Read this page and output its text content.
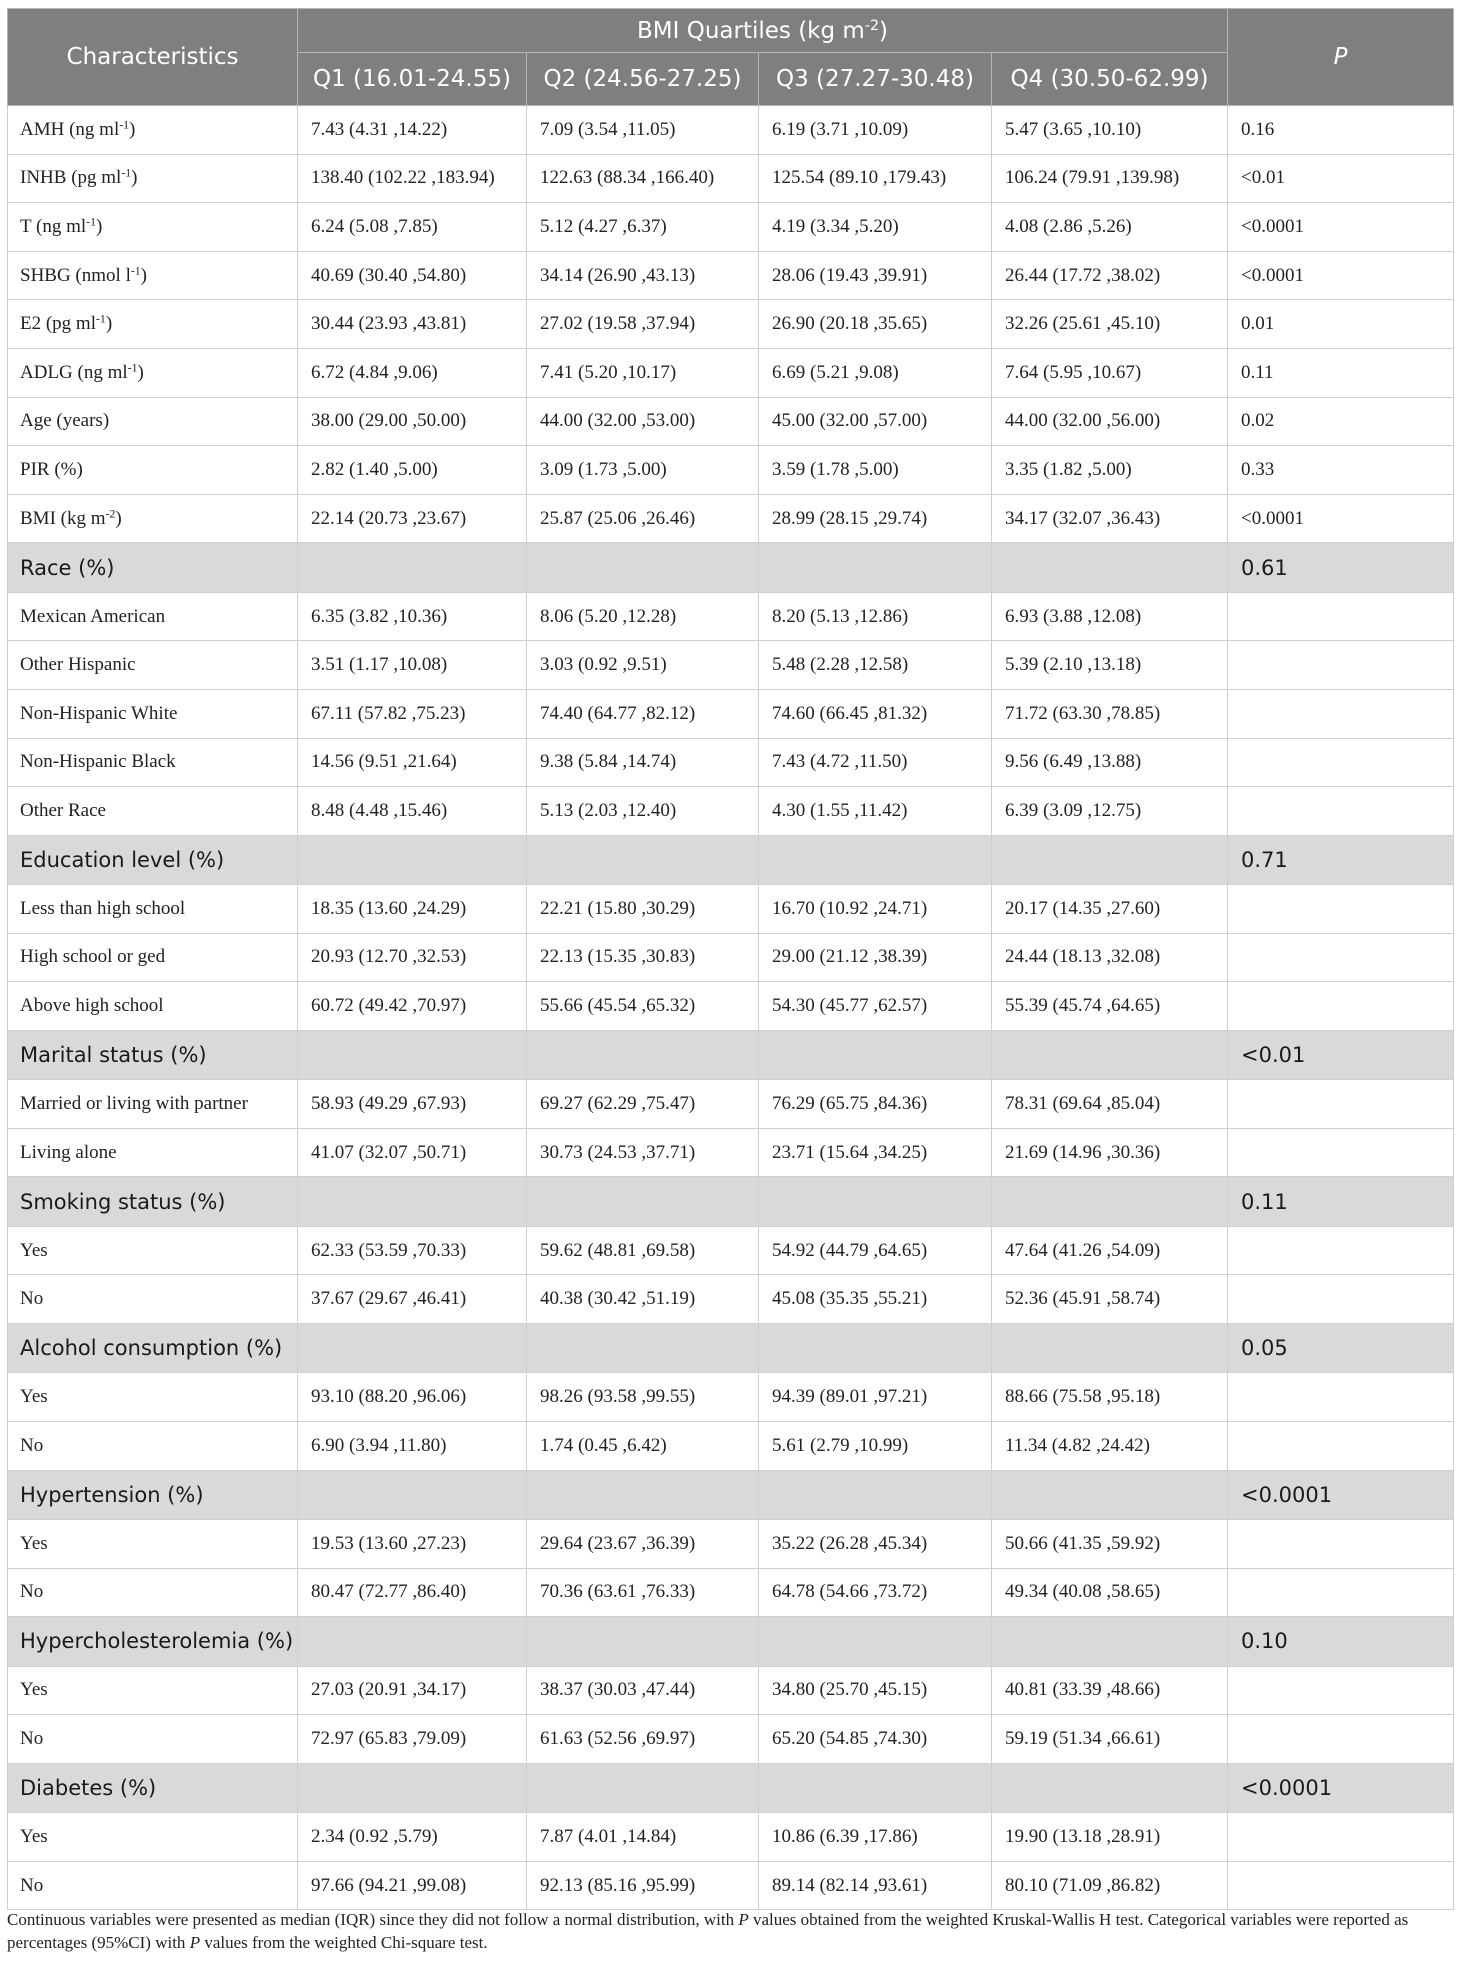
Characteristics	BMI Quartiles (kg $m^{-2}$)				P
	Q1 (16.01-24.55)	Q2 (24.56-27.25)	Q3 (27.27-30.48)	Q4 (30.50-62.99)	
AMH (ng $ml^{-1}$)	7.43 (4.31 ,14.22)	7.09 (3.54 ,11.05)	6.19 (3.71 ,10.09)	5.47 (3.65 ,10.10)	0.16
INHB (pg $ml^{-1}$)	138.40 (102.22 ,183.94)	122.63 (88.34 ,166.40)	125.54 (89.10 ,179.43)	106.24 (79.91 ,139.98)	<0.01
T (ng $ml^{-1}$)	6.24 (5.08 ,7.85)	5.12 (4.27 ,6.37)	4.19 (3.34 ,5.20)	4.08 (2.86 ,5.26)	<0.0001
SHBG (nmol $l^{-1}$)	40.69 (30.40 ,54.80)	34.14 (26.90 ,43.13)	28.06 (19.43 ,39.91)	26.44 (17.72 ,38.02)	<0.0001
E2 (pg $ml^{-1}$)	30.44 (23.93 ,43.81)	27.02 (19.58 ,37.94)	26.90 (20.18 ,35.65)	32.26 (25.61 ,45.10)	0.01
ADLG (ng $ml^{-1}$)	6.72 (4.84 ,9.06)	7.41 (5.20 ,10.17)	6.69 (5.21 ,9.08)	7.64 (5.95 ,10.67)	0.11
Age (years)	38.00 (29.00 ,50.00)	44.00 (32.00 ,53.00)	45.00 (32.00 ,57.00)	44.00 (32.00 ,56.00)	0.02
PIR (%)	2.82 (1.40 ,5.00)	3.09 (1.73 ,5.00)	3.59 (1.78 ,5.00)	3.35 (1.82 ,5.00)	0.33
BMI (kg $m^{-2}$)	22.14 (20.73 ,23.67)	25.87 (25.06 ,26.46)	28.99 (28.15 ,29.74)	34.17 (32.07 ,36.43)	<0.0001
Race (%)					0.61
Mexican American	6.35 (3.82 ,10.36)	8.06 (5.20 ,12.28)	8.20 (5.13 ,12.86)	6.93 (3.88 ,12.08)	
Other Hispanic	3.51 (1.17 ,10.08)	3.03 (0.92 ,9.51)	5.48 (2.28 ,12.58)	5.39 (2.10 ,13.18)	
Non-Hispanic White	67.11 (57.82 ,75.23)	74.40 (64.77 ,82.12)	74.60 (66.45 ,81.32)	71.72 (63.30 ,78.85)	
Non-Hispanic Black	14.56 (9.51 ,21.64)	9.38 (5.84 ,14.74)	7.43 (4.72 ,11.50)	9.56 (6.49 ,13.88)	
Other Race	8.48 (4.48 ,15.46)	5.13 (2.03 ,12.40)	4.30 (1.55 ,11.42)	6.39 (3.09 ,12.75)	
Education level (%)					0.71
Less than high school	18.35 (13.60 ,24.29)	22.21 (15.80 ,30.29)	16.70 (10.92 ,24.71)	20.17 (14.35 ,27.60)	
High school or ged	20.93 (12.70 ,32.53)	22.13 (15.35 ,30.83)	29.00 (21.12 ,38.39)	24.44 (18.13 ,32.08)	
Above high school	60.72 (49.42 ,70.97)	55.66 (45.54 ,65.32)	54.30 (45.77 ,62.57)	55.39 (45.74 ,64.65)	
Marital status (%)					<0.01
Married or living with partner	58.93 (49.29 ,67.93)	69.27 (62.29 ,75.47)	76.29 (65.75 ,84.36)	78.31 (69.64 ,85.04)	
Living alone	41.07 (32.07 ,50.71)	30.73 (24.53 ,37.71)	23.71 (15.64 ,34.25)	21.69 (14.96 ,30.36)	
Smoking status (%)					0.11
Yes	62.33 (53.59 ,70.33)	59.62 (48.81 ,69.58)	54.92 (44.79 ,64.65)	47.64 (41.26 ,54.09)	
No	37.67 (29.67 ,46.41)	40.38 (30.42 ,51.19)	45.08 (35.35 ,55.21)	52.36 (45.91 ,58.74)	
Alcohol consumption (%)					0.05
Yes	93.10 (88.20 ,96.06)	98.26 (93.58 ,99.55)	94.39 (89.01 ,97.21)	88.66 (75.58 ,95.18)	
No	6.90 (3.94 ,11.80)	1.74 (0.45 ,6.42)	5.61 (2.79 ,10.99)	11.34 (4.82 ,24.42)	
Hypertension (%)					<0.0001
Yes	19.53 (13.60 ,27.23)	29.64 (23.67 ,36.39)	35.22 (26.28 ,45.34)	50.66 (41.35 ,59.92)	
No	80.47 (72.77 ,86.40)	70.36 (63.61 ,76.33)	64.78 (54.66 ,73.72)	49.34 (40.08 ,58.65)	
Hypercholesterolemia (%)					0.10
Yes	27.03 (20.91 ,34.17)	38.37 (30.03 ,47.44)	34.80 (25.70 ,45.15)	40.81 (33.39 ,48.66)	
No	72.97 (65.83 ,79.09)	61.63 (52.56 ,69.97)	65.20 (54.85 ,74.30)	59.19 (51.34 ,66.61)	
Diabetes (%)					<0.0001
Yes	2.34 (0.92 ,5.79)	7.87 (4.01 ,14.84)	10.86 (6.39 ,17.86)	19.90 (13.18 ,28.91)	
No	97.66 (94.21 ,99.08)	92.13 (85.16 ,95.99)	89.14 (82.14 ,93.61)	80.10 (71.09 ,86.82)	
Continuous variables were presented as median (IQR) since they did not follow a normal distribution, with P values obtained from the weighted Kruskal-Wallis H test. Categorical variables were reported as percentages (95%CI) with P values from the weighted Chi-square test.
